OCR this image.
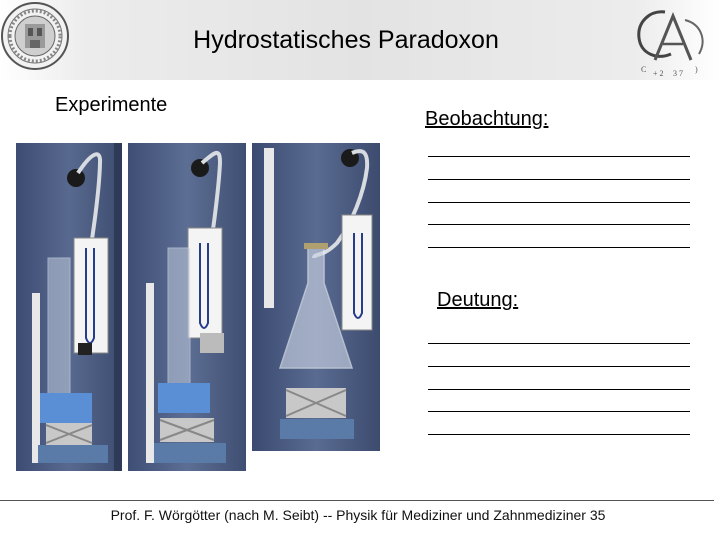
C + 2 3 7 )
Hydrostatisches Paradoxon
Experimente
Beobachtung:
Deutung:
Prof. F. Wörgötter (nach M. Seibt) -- Physik für Mediziner und Zahnmediziner 35
